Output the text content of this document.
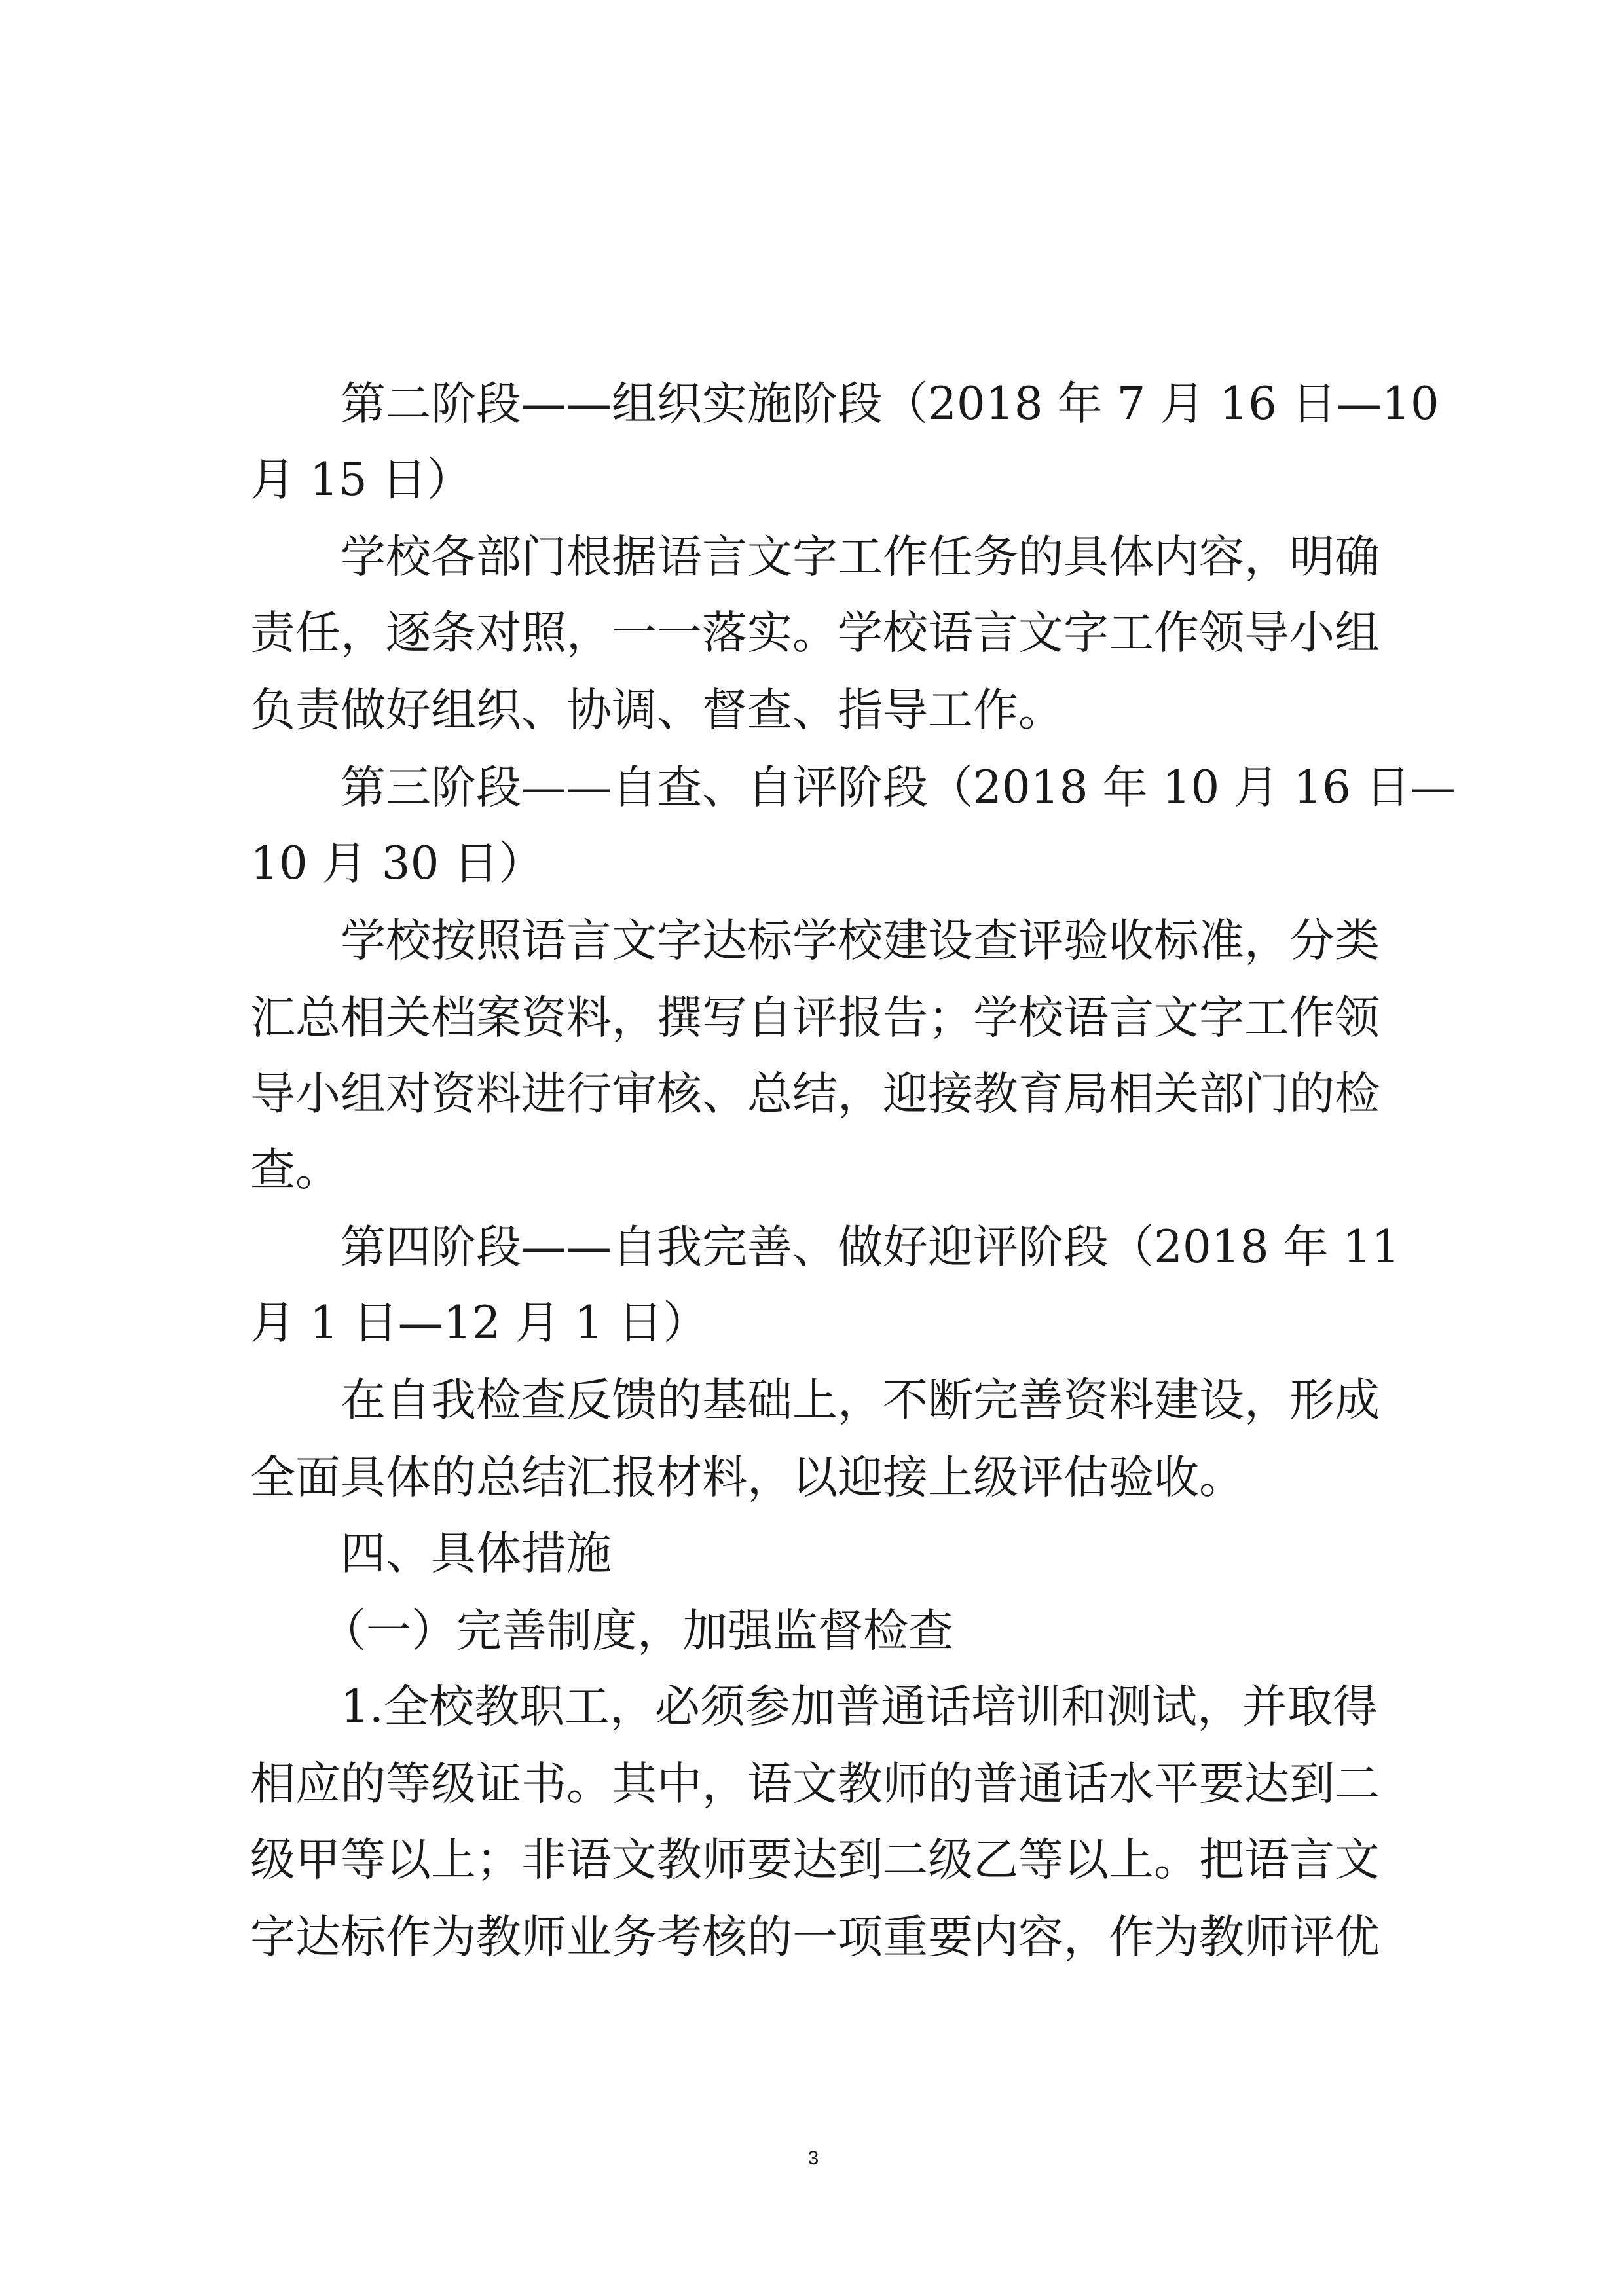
第二阶段——组织实施阶段（2018 年 7 月 16 日—10
月 15 日）
学校各部门根据语言文字工作任务的具体内容，明确
责任，逐条对照，一一落实。学校语言文字工作领导小组
负责做好组织、协调、督查、指导工作。
第三阶段——自查、自评阶段（2018 年 10 月 16 日—
10 月 30 日）
学校按照语言文字达标学校建设查评验收标准，分类
汇总相关档案资料，撰写自评报告；学校语言文字工作领
导小组对资料进行审核、总结，迎接教育局相关部门的检
查。
第四阶段——自我完善、做好迎评阶段（2018 年 11
月 1 日—12 月 1 日）
在自我检查反馈的基础上，不断完善资料建设，形成
全面具体的总结汇报材料，以迎接上级评估验收。
四、具体措施
（一）完善制度，加强监督检查
1.全校教职工，必须参加普通话培训和测试，并取得
相应的等级证书。其中，语文教师的普通话水平要达到二
级甲等以上；非语文教师要达到二级乙等以上。把语言文
字达标作为教师业务考核的一项重要内容，作为教师评优
3
